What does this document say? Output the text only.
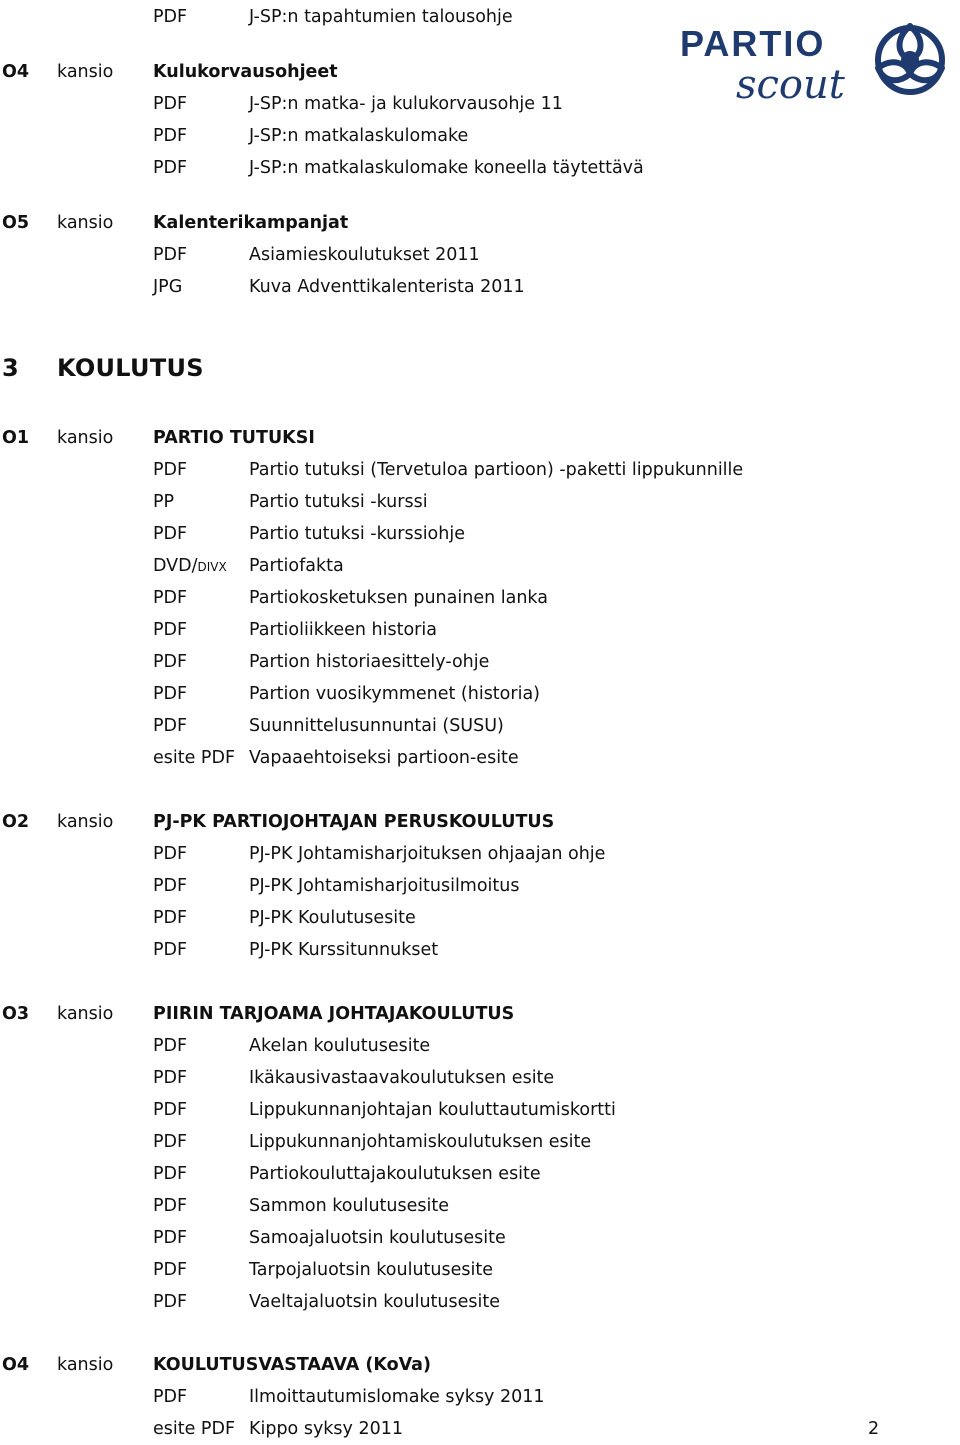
PARTIO
scout
PDF	J-SP:n tapahtumien talousohje
O4 kansio Kulukorvausohjeet
PDF	J-SP:n matka- ja kulukorvausohje 11
PDF	J-SP:n matkalaskulomake
PDF	J-SP:n matkalaskulomake koneella täytettävä
O5 kansio Kalenterikampanjat
PDF	Asiamieskoulutukset 2011
JPG	Kuva Adventtikalenterista 2011
3 KOULUTUS
O1 kansio PARTIO TUTUKSI
PDF	Partio tutuksi (Tervetuloa partioon) -paketti lippukunnille
PP	Partio tutuksi -kurssi
PDF	Partio tutuksi -kurssiohje
DVD/DIVX Partiofakta
PDF	Partiokosketuksen punainen lanka
PDF	Partioliikkeen historia
PDF	Partion historiaesittely-ohje
PDF	Partion vuosikymmenet (historia)
PDF	Suunnittelusunnuntai (SUSU)
esite PDF Vapaaehtoiseksi partioon-esite
O2 kansio PJ-PK PARTIOJOHTAJAN PERUSKOULUTUS
PDF	PJ-PK Johtamisharjoituksen ohjaajan ohje
PDF	PJ-PK Johtamisharjoitusilmoitus
PDF	PJ-PK Koulutusesite
PDF	PJ-PK Kurssitunnukset
O3 kansio PIIRIN TARJOAMA JOHTAJAKOULUTUS
PDF	Akelan koulutusesite
PDF	Ikäkausivastaavakoulutuksen esite
PDF	Lippukunnanjohtajan kouluttautumiskortti
PDF	Lippukunnanjohtamiskoulutuksen esite
PDF	Partiokouluttajakoulutuksen esite
PDF	Sammon koulutusesite
PDF	Samoajaluotsin koulutusesite
PDF	Tarpojaluotsin koulutusesite
PDF	Vaeltajaluotsin koulutusesite
O4 kansio KOULUTUSVASTAAVA (KoVa)
PDF	Ilmoittautumislomake syksy 2011
esite PDF Kippo syksy 2011	2
